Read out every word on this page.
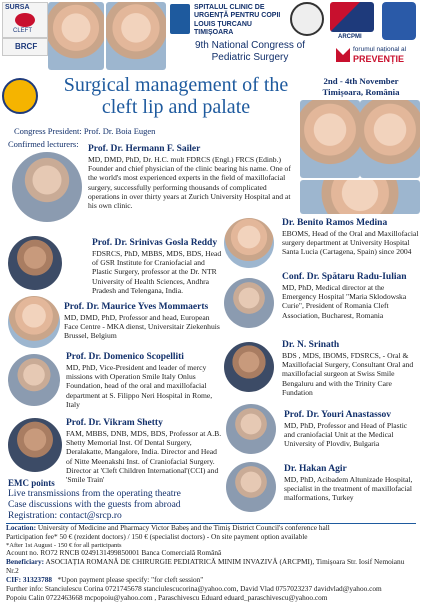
SURSA
CLEFT
BRCF
SPITALUL CLINIC DE URGENȚĂ PENTRU COPII LOUIS ȚURCANU TIMIȘOARA
ARCPMI
9th National Congress of
Pediatric Surgery
forumul național al
PREVENȚIE
Surgical management of the
cleft lip and palate
2nd - 4th November
Timișoara, România
Congress President: Prof. Dr. Boia Eugen
Confirmed lecturers: Prof. Dr. Hermann F. Sailer
MD, DMD, PhD, Dr. H.C. mult FDRCS (Engl.) FRCS (Edinb.) Founder and chief physician of the clinic bearing his name. One of the world's most experienced experts in the field of maxillofacial surgery, successfully performing thousands of complicated operations in over thirty years at Zurich University Hospital and at his own clinic.
Dr. Benito Ramos Medina
EBOMS, Head of the Oral and Maxillofacial surgery department at University Hospital Santa Lucia (Cartagena, Spain) since 2004
Prof. Dr. Srinivas Gosla Reddy
FDSRCS, PhD, MBBS, MDS, BDS, Head of GSR Institute for Craniofacial and Plastic Surgery, professor at the Dr. NTR University of Health Sciences, Andhra Pradesh and Telengana, India.
Conf. Dr. Spătaru Radu-Iulian
MD, PhD, Medical director at the Emergency Hospital "Maria Sklodowska Curie", President of Romania Cleft Association, Bucharest, Romania
Prof. Dr. Maurice Yves Mommaerts
MD, DMD, PhD, Professor and head, European Face Centre - MKA dienst, Universitair Ziekenhuis Brussel, Belgium
Dr. N. Srinath
BDS , MDS, IBOMS, FDSRCS, - Oral & Maxillofacial Surgery, Consultant Oral and maxillofacial surgeon at Swiss Smile Bengaluru and with the Trinity Care Fundation
Prof. Dr. Domenico Scopelliti
MD, PhD, Vice-President and leader of mercy missions with Operation Smile Italy Onlus Foundation, head of the oral and maxillofacial department at S. Filippo Neri Hospital in Rome, Italy
Prof. Dr. Youri Anastassov
MD, PhD, Professor and Head of Plastic and craniofacial Unit at the Medical University of Plovdiv, Bulgaria
Prof. Dr. Vikram Shetty
FAM, MBBS, DNB, MDS, BDS, Professor at A.B. Shetty Memorial Inst. Of Dental Surgery, Deralakatte, Mangalore, India. Director and Head of Nitte Meenakshi Inst. of Craniofacial Surgery. Director at 'Cleft Children International'(CCI) and 'Smile Train'
Dr. Hakan Agir
MD, PhD, Acibadem Altunizade Hospital, specialist in the treatment of maxillofacial malformations, Turkey
EMC points
Live transmissions from the operating theatre
Case discussions with the guests from abroad
Registration: contact@srcp.ro
Location: University of Medicine and Pharmacy Victor Babeș and the Timiș District Council's conference hall
Participation fee* 50 € (rezident doctors) / 150 € (specialist doctors) - On site payment option available
*After 1st August - 150 € for all participants
Acount no. RO72 RNCB 0249131499850001 Banca Comercială Română
Beneficiary: ASOCIAȚIA ROMANĂ DE CHIRURGIE PEDIATRICĂ MINIM INVAZIVĂ (ARCPMI), Timișoara Str. Iosif Nemoianu Nr.2
CIF: 31323788 *Upon payment please specify: "for cleft session"
Further info: Stanciulescu Corina 0721745678 stanciulescucorina@yahoo.com, David Vlad 0757023237 davidvlad@yahoo.com
Popoiu Calin 0722463668 mcpopoiu@yahoo.com , Paraschivescu Eduard eduard_paraschivescu@yahoo.com
